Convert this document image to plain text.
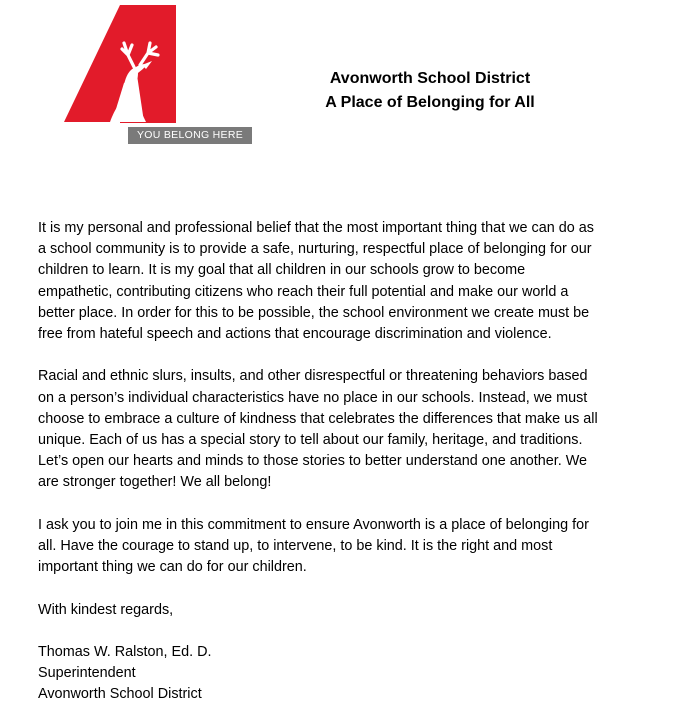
YOU BELONG HERE
Avonworth School District
A Place of Belonging for All

It is my personal and professional belief that the most important thing that we can do as
a school community is to provide a safe, nurturing, respectful place of belonging for our
children to learn. It is my goal that all children in our schools grow to become
empathetic, contributing citizens who reach their full potential and make our world a
better place. In order for this to be possible, the school environment we create must be
free from hateful speech and actions that encourage discrimination and violence.

Racial and ethnic slurs, insults, and other disrespectful or threatening behaviors based
on a person’s individual characteristics have no place in our schools. Instead, we must
choose to embrace a culture of kindness that celebrates the differences that make us all
unique. Each of us has a special story to tell about our family, heritage, and traditions.
Let’s open our hearts and minds to those stories to better understand one another. We
are stronger together! We all belong!

I ask you to join me in this commitment to ensure Avonworth is a place of belonging for
all. Have the courage to stand up, to intervene, to be kind. It is the right and most
important thing we can do for our children.

With kindest regards,

Thomas W. Ralston, Ed. D.
Superintendent
Avonworth School District
